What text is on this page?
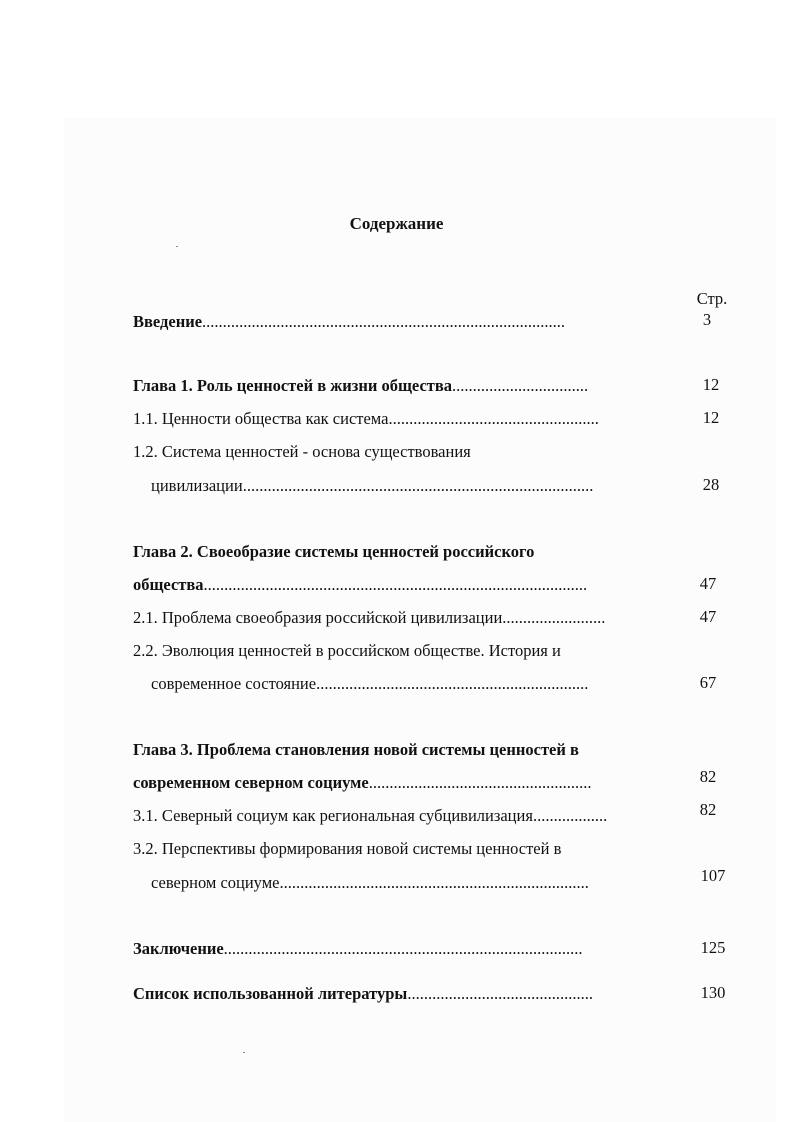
Содержание
Стр.
Введение........................................................................................	3
Глава 1. Роль ценностей в жизни общества.................................	12
1.1. Ценности общества как система...................................................	12
1.2. Система ценностей - основа существования
цивилизации.....................................................................................	28
Глава 2. Своеобразие системы ценностей российского
общества.............................................................................................	47
2.1. Проблема своеобразия российской цивилизации.........................	47
2.2. Эволюция ценностей в российском обществе. История и
современное состояние..................................................................	67
Глава 3. Проблема становления новой системы ценностей в
современном северном социуме......................................................	82
3.1. Северный социум как региональная субцивилизация..................	82
3.2. Перспективы формирования новой системы ценностей в
северном социуме...........................................................................	107
Заключение.......................................................................................	125
Список использованной литературы.............................................	130
